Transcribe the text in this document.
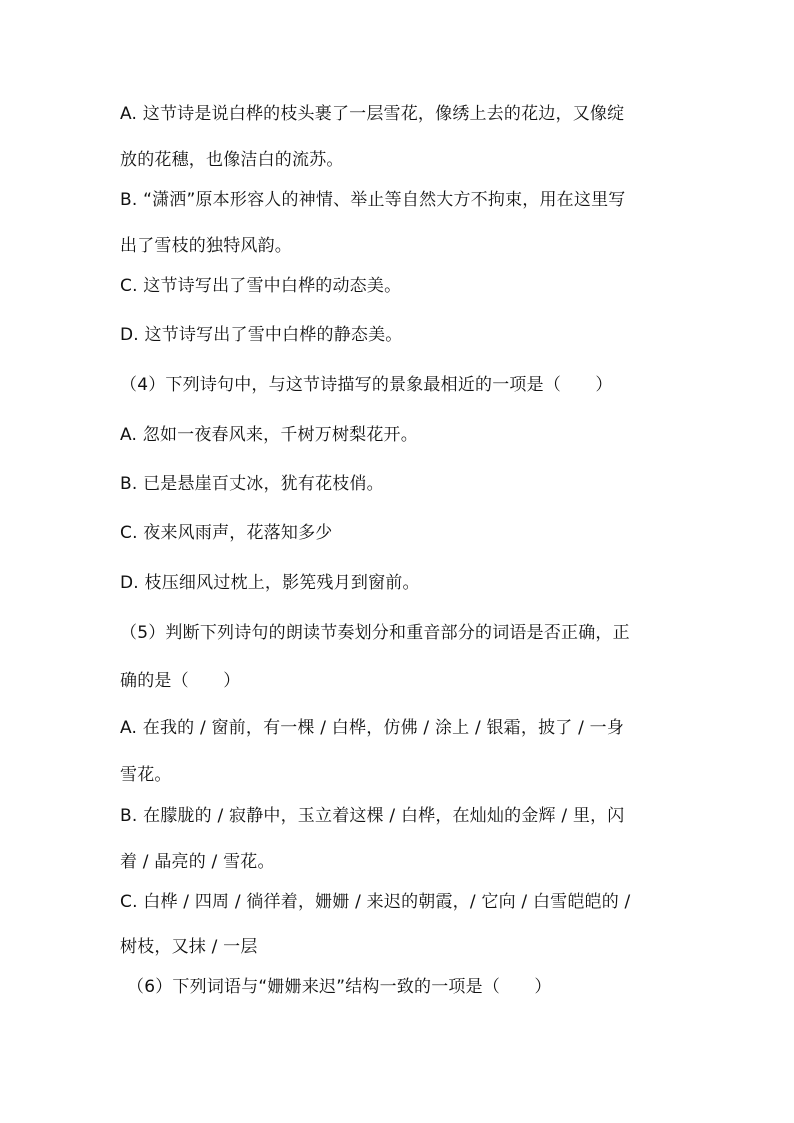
A. 这节诗是说白桦的枝头裹了一层雪花，像绣上去的花边，又像绽
放的花穗，也像洁白的流苏。
B. “潇洒”原本形容人的神情、举止等自然大方不拘束，用在这里写
出了雪枝的独特风韵。
C. 这节诗写出了雪中白桦的动态美。
D. 这节诗写出了雪中白桦的静态美。
（4）下列诗句中，与这节诗描写的景象最相近的一项是（　　）
A. 忽如一夜春风来，千树万树梨花开。
B. 已是悬崖百丈冰，犹有花枝俏。
C. 夜来风雨声，花落知多少
D. 枝压细风过枕上，影筅残月到窗前。
（5）判断下列诗句的朗读节奏划分和重音部分的词语是否正确，正
确的是（　　）
A. 在我的 / 窗前，有一棵 / 白桦，仿佛 / 涂上 / 银霜，披了 / 一身
雪花。
B. 在朦胧的 / 寂静中，玉立着这棵 / 白桦，在灿灿的金辉 / 里，闪
着 / 晶亮的 / 雪花。
C. 白桦 / 四周 / 徜徉着，姗姗 / 来迟的朝霞，/ 它向 / 白雪皑皑的 /
树枝，又抹 / 一层
（6）下列词语与“姗姗来迟”结构一致的一项是（　　）
